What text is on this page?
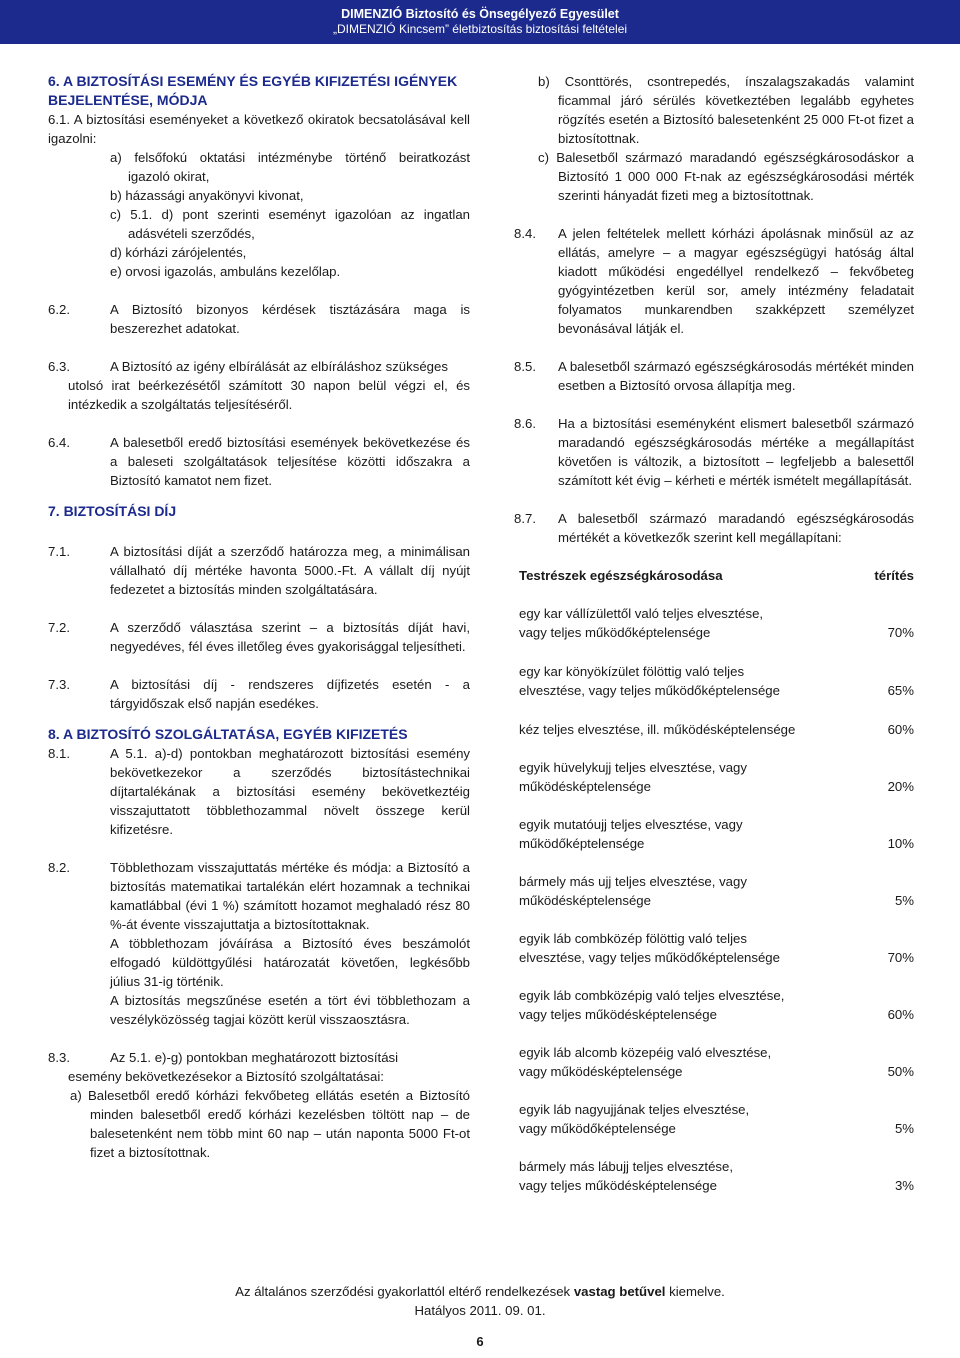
DIMENZIÓ Biztosító és Önsegélyező Egyesület
„DIMENZIÓ Kincsem” életbiztosítás biztosítási feltételei

6. A BIZTOSÍTÁSI ESEMÉNY ÉS EGYÉB KIFIZETÉSI IGÉNYEK BEJELENTÉSE, MÓDJA

6.1. A biztosítási eseményeket a következő okiratok becsatolásával kell igazolni:

a) felsőfokú oktatási intézménybe történő beiratkozást igazoló okirat,

b) házassági anyakönyvi kivonat,

c) 5.1. d) pont szerinti eseményt igazolóan az ingatlan adásvételi szerződés,

d) kórházi zárójelentés,

e) orvosi igazolás, ambuláns kezelőlap.

6.2.	A Biztosító bizonyos kérdések tisztázására maga is beszerezhet adatokat.
6.3.	A Biztosító az igény elbírálását az elbíráláshoz szükséges

utolsó irat beérkezésétől számított 30 napon belül végzi el, és intézkedik a szolgáltatás teljesítéséről.

6.4.	A balesetből eredő biztosítási események bekövetkezése és a baleseti szolgáltatások teljesítése közötti időszakra a Biztosító kamatot nem fizet.

7. BIZTOSÍTÁSI DÍJ

7.1.	A biztosítási díját a szerződő határozza meg, a minimálisan vállalható díj mértéke havonta 5000.-Ft. A vállalt díj nyújt fedezetet a biztosítás minden szolgáltatására.
7.2.	A szerződő választása szerint – a biztosítás díját havi, negyedéves, fél éves illetőleg éves gyakorisággal teljesítheti.
7.3.	A biztosítási díj - rendszeres díjfizetés esetén - a tárgyidőszak első napján esedékes.

8. A BIZTOSÍTÓ SZOLGÁLTATÁSA, EGYÉB KIFIZETÉS

8.1.	A 5.1. a)-d) pontokban meghatározott biztosítási esemény bekövetkezekor a szerződés biztosítástechnikai díjtartalékának a biztosítási esemény bekövetkeztéig visszajuttatott többlethozammal növelt összege kerül kifizetésre.
8.2.	Többlethozam visszajuttatás mértéke és módja: a Biztosító a biztosítás matematikai tartalékán elért hozamnak a technikai kamatlábbal (évi 1 %) számított hozamot meghaladó rész 80 %-át évente visszajuttatja a biztosítottaknak.
A többlethozam jóváírása a Biztosító éves beszámolót elfogadó küldöttgyűlési határozatát követően, legkésőbb július 31-ig történik.
A biztosítás megszűnése esetén a tört évi többlethozam a veszélyközösség tagjai között kerül visszaosztásra.
8.3.	Az 5.1. e)-g) pontokban meghatározott biztosítási

esemény bekövetkezésekor a Biztosító szolgáltatásai:

a) Balesetből eredő kórházi fekvőbeteg ellátás esetén a Biztosító minden balesetből eredő kórházi kezelésben töltött nap – de balesetenként nem több mint 60 nap – után naponta 5000 Ft-ot fizet a biztosítottnak.

b) Csonttörés, csontrepedés, ínszalagszakadás valamint ficammal járó sérülés következtében legalább egyhetes rögzítés esetén a Biztosító balesetenként 25 000 Ft-ot fizet a biztosítottnak.

c) Balesetből származó maradandó egészségkárosodáskor a Biztosító 1 000 000 Ft-nak az egészségkárosodási mérték szerinti hányadát fizeti meg a biztosítottnak.

8.4.	A jelen feltételek mellett kórházi ápolásnak minősül az az ellátás, amelyre – a magyar egészségügyi hatóság által kiadott működési engedéllyel rendelkező – fekvőbeteg gyógyintézetben kerül sor, amely intézmény feladatait folyamatos munkarendben szakképzett személyzet bevonásával látják el.
8.5.	A balesetből származó egészségkárosodás mértékét minden esetben a Biztosító orvosa állapítja meg.
8.6.	Ha a biztosítási eseményként elismert balesetből származó maradandó egészségkárosodás mértéke a megállapítást követően is változik, a biztosított – legfeljebb a balesettől számított két évig – kérheti e mérték ismételt megállapítását.
8.7.	A balesetből származó maradandó egészségkárosodás mértékét a következők szerint kell megállapítani:
Testrészek egészségkárosodása	térítés
egy kar vállízülettől való teljes elvesztése,
vagy teljes működőképtelensége	70%
egy kar könyökízület fölöttig való teljes
elvesztése, vagy teljes működőképtelensége	65%
kéz teljes elvesztése, ill. működésképtelensége	60%
egyik hüvelykujj teljes elvesztése, vagy
működésképtelensége	20%
egyik mutatóujj teljes elvesztése, vagy
működőképtelensége	10%
bármely más ujj teljes elvesztése, vagy
működésképtelensége	5%
egyik láb combközép fölöttig való teljes
elvesztése, vagy teljes működőképtelensége	70%
egyik láb combközépig való teljes elvesztése,
vagy teljes működésképtelensége	60%
egyik láb alcomb közepéig való elvesztése,
vagy működésképtelensége	50%
egyik láb nagyujjának teljes elvesztése,
vagy működőképtelensége	5%
bármely más lábujj teljes elvesztése,
vagy teljes működésképtelensége	3%
Az általános szerződési gyakorlattól eltérő rendelkezések vastag betűvel kiemelve.
Hatályos 2011. 09. 01.
6
